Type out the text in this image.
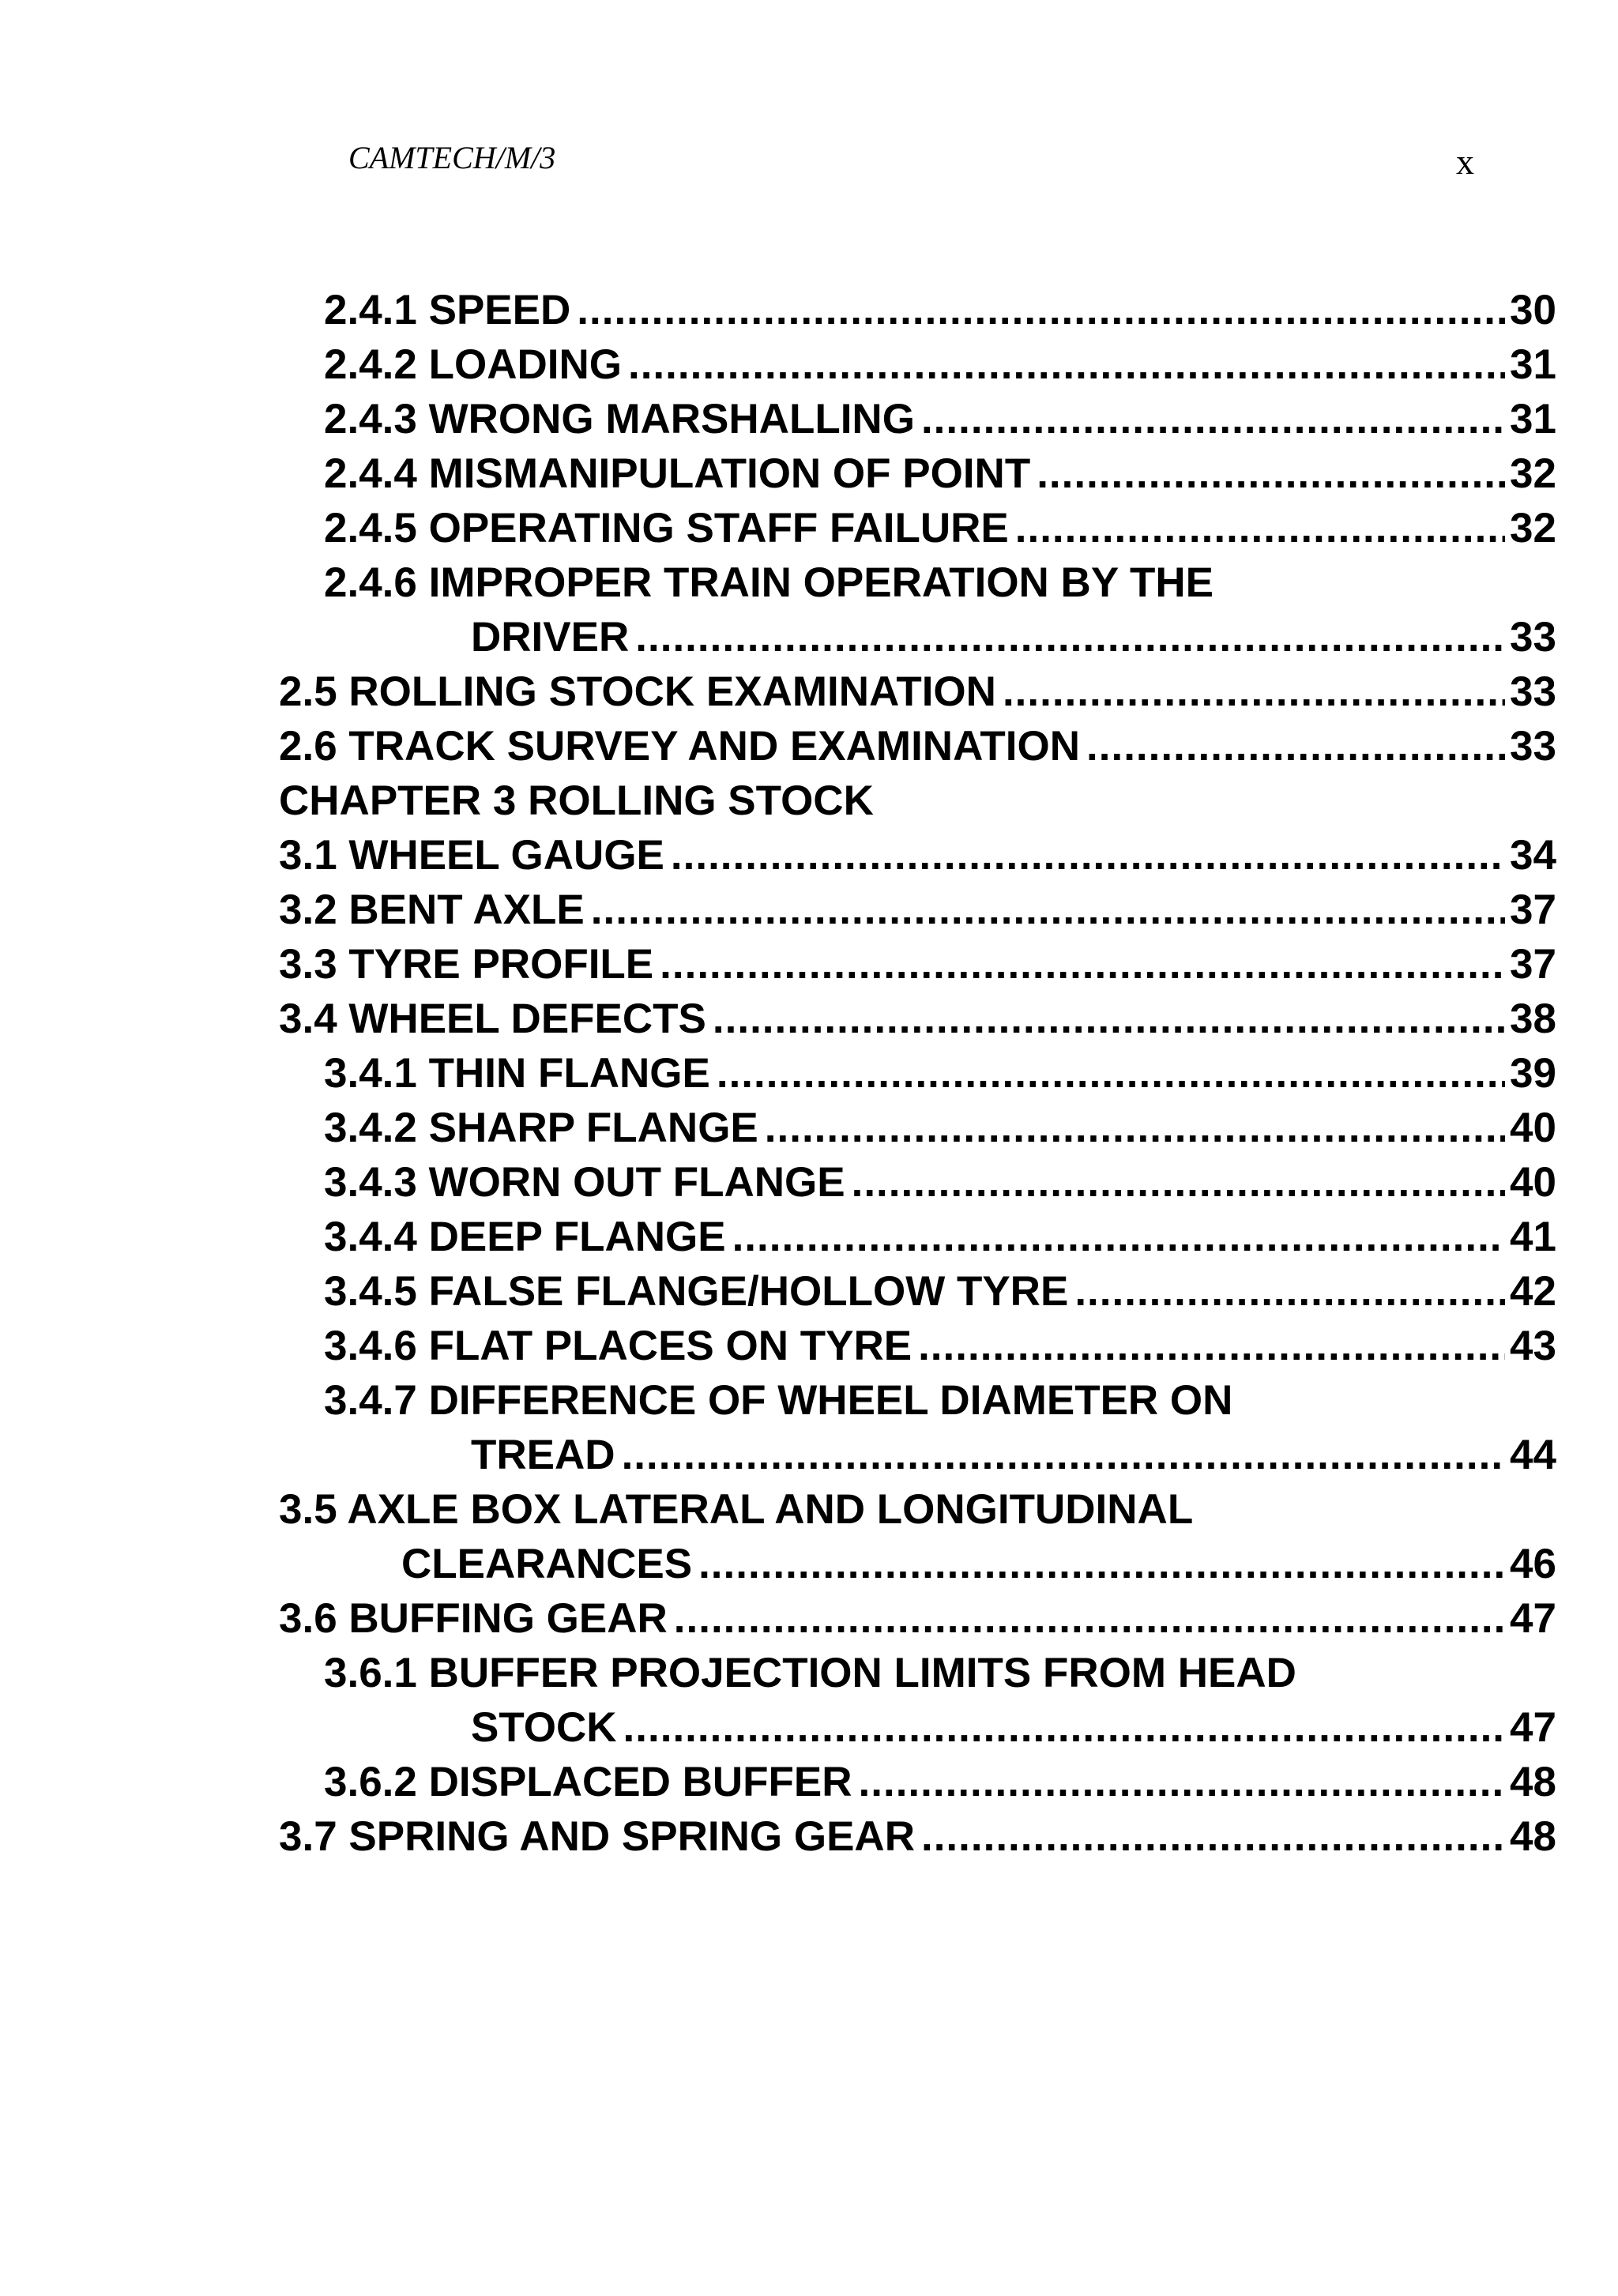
CAMTECH/M/3	x
2.4.1 SPEED .....	30
2.4.2 LOADING .....	31
2.4.3 WRONG MARSHALLING .....	31
2.4.4 MISMANIPULATION OF POINT .....	32
2.4.5 OPERATING STAFF FAILURE .....	32
2.4.6 IMPROPER TRAIN OPERATION BY THE
DRIVER .....	33
2.5 ROLLING STOCK EXAMINATION .....	33
2.6 TRACK SURVEY AND EXAMINATION .....	33
CHAPTER 3 ROLLING STOCK
3.1 WHEEL GAUGE .....	34
3.2 BENT AXLE .....	37
3.3 TYRE PROFILE .....	37
3.4 WHEEL DEFECTS .....	38
3.4.1 THIN FLANGE .....	39
3.4.2 SHARP FLANGE .....	40
3.4.3 WORN OUT FLANGE .....	40
3.4.4 DEEP FLANGE .....	41
3.4.5 FALSE FLANGE/HOLLOW TYRE .....	42
3.4.6 FLAT PLACES ON TYRE .....	43
3.4.7 DIFFERENCE OF WHEEL DIAMETER ON
TREAD .....	44
3.5 AXLE BOX LATERAL AND LONGITUDINAL
CLEARANCES .....	46
3.6 BUFFING GEAR .....	47
3.6.1 BUFFER PROJECTION LIMITS FROM HEAD
STOCK .....	47
3.6.2 DISPLACED BUFFER .....	48
3.7 SPRING AND SPRING GEAR .....	48
